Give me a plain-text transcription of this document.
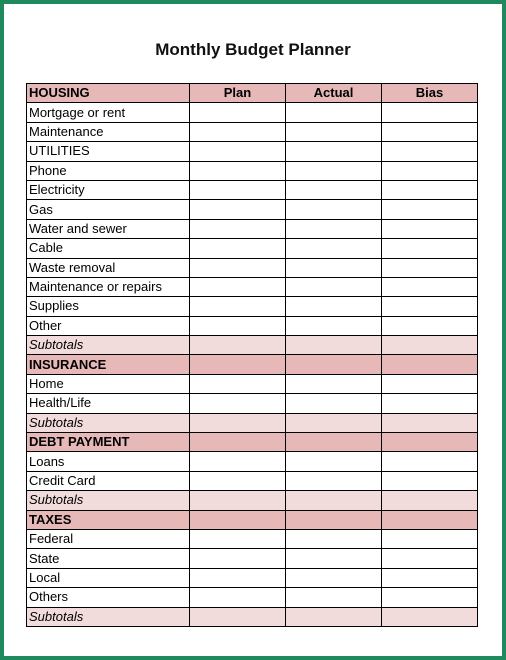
Monthly Budget Planner
HOUSING	Plan	Actual	Bias
Mortgage or rent			
Maintenance			
UTILITIES			
Phone			
Electricity			
Gas			
Water and sewer			
Cable			
Waste removal			
Maintenance or repairs			
Supplies			
Other			
Subtotals			
INSURANCE			
Home			
Health/Life			
Subtotals			
DEBT PAYMENT			
Loans			
Credit Card			
Subtotals			
TAXES			
Federal			
State			
Local			
Others			
Subtotals			
